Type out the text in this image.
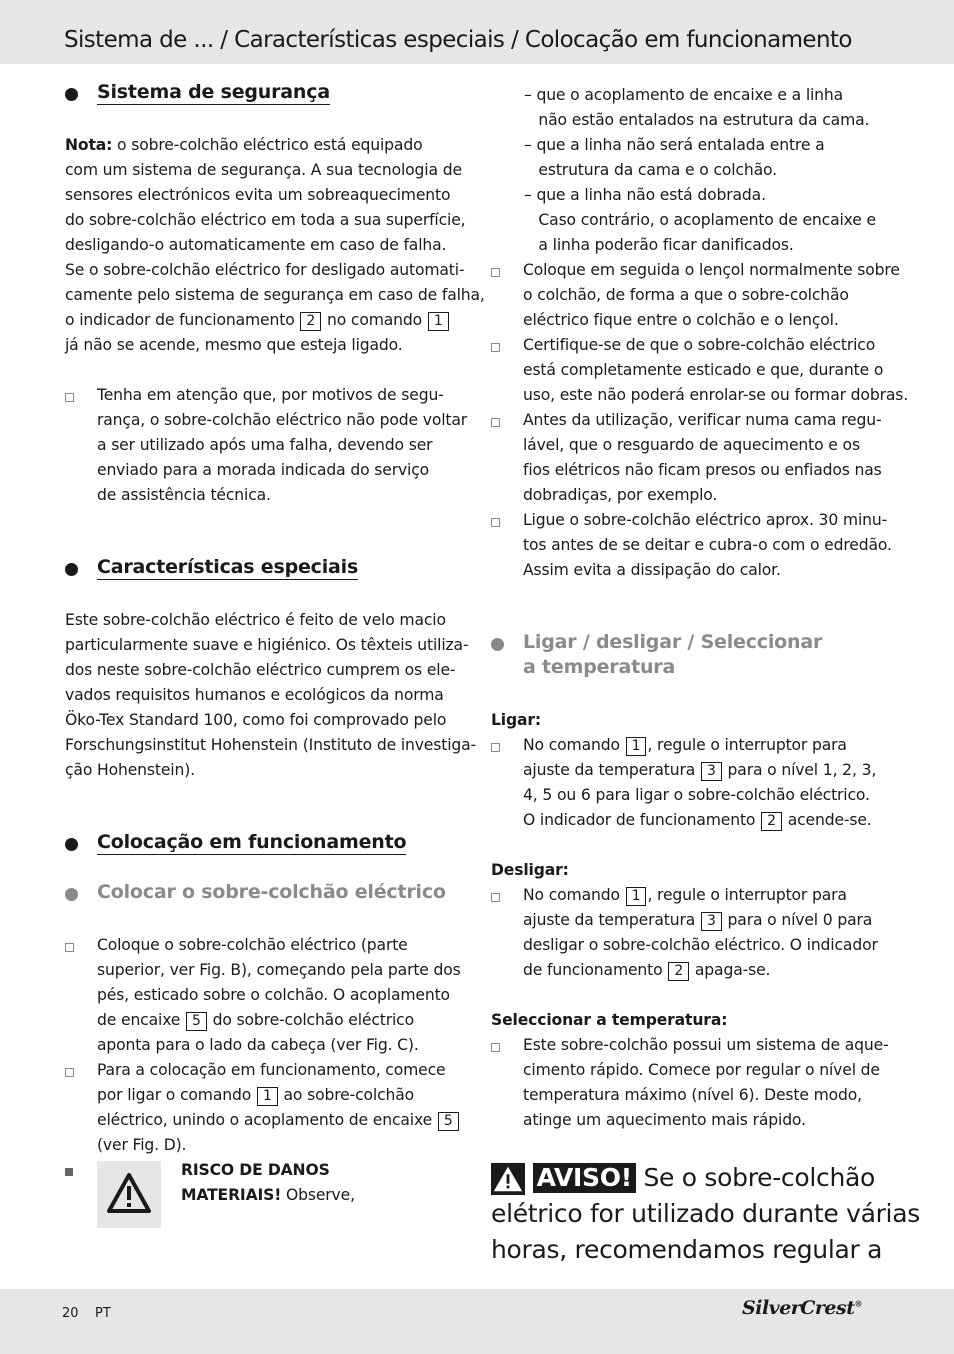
Sistema de ... / Características especiais / Colocação em funcionamento
Sistema de segurança
Nota: o sobre-colchão eléctrico está equipado
com um sistema de segurança. A sua tecnologia de
sensores electrónicos evita um sobreaquecimento
do sobre-colchão eléctrico em toda a sua superfície,
desligando-o automaticamente em caso de falha.
Se o sobre-colchão eléctrico for desligado automati-
camente pelo sistema de segurança em caso de falha,
o indicador de funcionamento 2 no comando 1
já não se acende, mesmo que esteja ligado.
Tenha em atenção que, por motivos de segu-
rança, o sobre-colchão eléctrico não pode voltar
a ser utilizado após uma falha, devendo ser
enviado para a morada indicada do serviço
de assistência técnica.
Características especiais
Este sobre-colchão eléctrico é feito de velo macio
particularmente suave e higiénico. Os têxteis utiliza-
dos neste sobre-colchão eléctrico cumprem os ele-
vados requisitos humanos e ecológicos da norma
Öko-Tex Standard 100, como foi comprovado pelo
Forschungsinstitut Hohenstein (Instituto de investiga-
ção Hohenstein).
Colocação em funcionamento
Colocar o sobre-colchão eléctrico
Coloque o sobre-colchão eléctrico (parte
superior, ver Fig. B), começando pela parte dos
pés, esticado sobre o colchão. O acoplamento
de encaixe 5 do sobre-colchão eléctrico
aponta para o lado da cabeça (ver Fig. C).
Para a colocação em funcionamento, comece
por ligar o comando 1 ao sobre-colchão
eléctrico, unindo o acoplamento de encaixe 5
(ver Fig. D).
RISCO DE DANOS
MATERIAIS! Observe,
– que o acoplamento de encaixe e a linha
não estão entalados na estrutura da cama.
– que a linha não será entalada entre a
estrutura da cama e o colchão.
– que a linha não está dobrada.
Caso contrário, o acoplamento de encaixe e
a linha poderão ficar danificados.
Coloque em seguida o lençol normalmente sobre
o colchão, de forma a que o sobre-colchão
eléctrico fique entre o colchão e o lençol.
Certifique-se de que o sobre-colchão eléctrico
está completamente esticado e que, durante o
uso, este não poderá enrolar-se ou formar dobras.
Antes da utilização, verificar numa cama regu-
lável, que o resguardo de aquecimento e os
fios elétricos não ficam presos ou enfiados nas
dobradiças, por exemplo.
Ligue o sobre-colchão eléctrico aprox. 30 minu-
tos antes de se deitar e cubra-o com o edredão.
Assim evita a dissipação do calor.
Ligar / desligar / Seleccionar
a temperatura
Ligar:
No comando 1 , regule o interruptor para
ajuste da temperatura 3 para o nível 1, 2, 3,
4, 5 ou 6 para ligar o sobre-colchão eléctrico.
O indicador de funcionamento 2 acende-se.
Desligar:
No comando 1 , regule o interruptor para
ajuste da temperatura 3 para o nível 0 para
desligar o sobre-colchão eléctrico. O indicador
de funcionamento 2 apaga-se.
Seleccionar a temperatura:
Este sobre-colchão possui um sistema de aque-
cimento rápido. Comece por regular o nível de
temperatura máximo (nível 6). Deste modo,
atinge um aquecimento mais rápido.
AVISO! Se o sobre-colchão
elétrico for utilizado durante várias
horas, recomendamos regular a
20 PT	SilverCrest®
